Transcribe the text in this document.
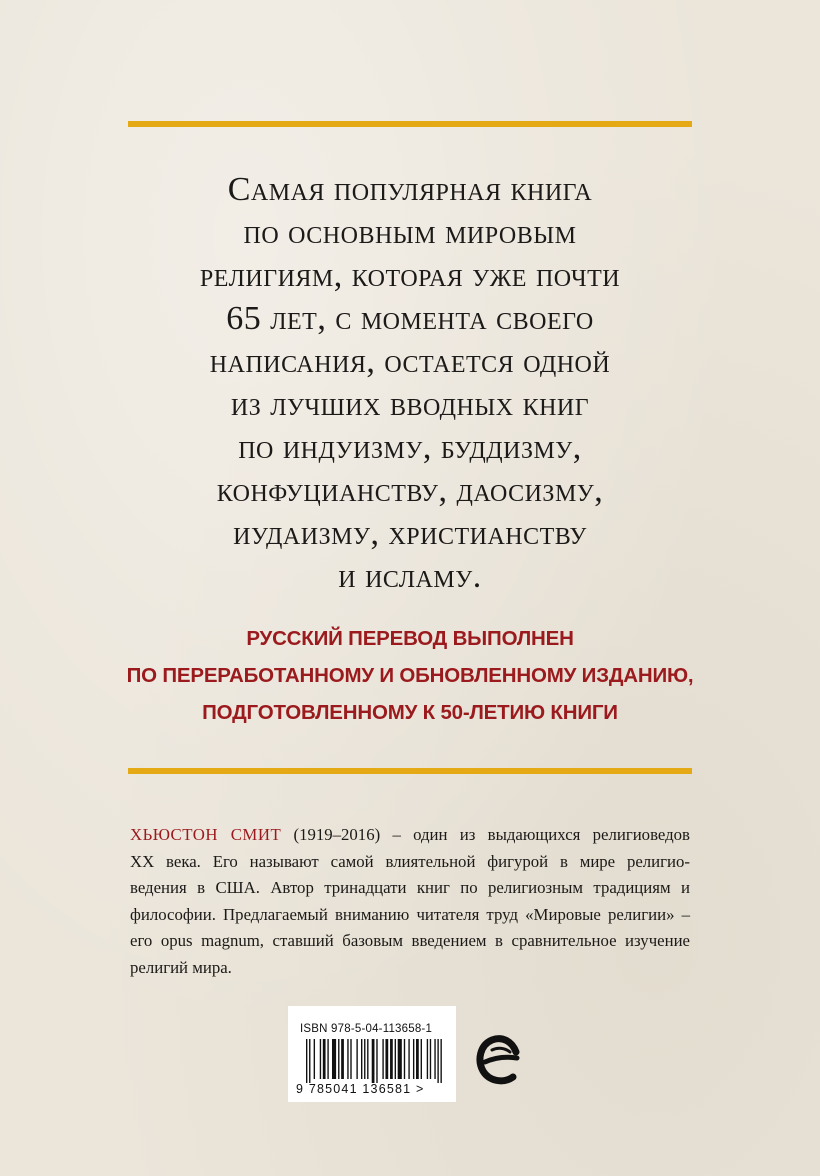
Самая популярная книга
по основным мировым
религиям, которая уже почти
65 лет, с момента своего
написания, остается одной
из лучших вводных книг
по индуизму, буддизму,
конфуцианству, даосизму,
иудаизму, христианству
и исламу.
РУССКИЙ ПЕРЕВОД ВЫПОЛНЕН
ПО ПЕРЕРАБОТАННОМУ И ОБНОВЛЕННОМУ ИЗДАНИЮ,
ПОДГОТОВЛЕННОМУ К 50-ЛЕТИЮ КНИГИ
ХЬЮСТОН СМИТ (1919–2016) – один из выдающихся религиоведов
XX века. Его называют самой влиятельной фигурой в мире религио-
ведения в США. Автор тринадцати книг по религиозным традициям и
философии. Предлагаемый вниманию читателя труд «Мировые религии» –
его opus magnum, ставший базовым введением в сравнительное изучение
религий мира.
ISBN 978-5-04-113658-1
9 785041 136581 >
